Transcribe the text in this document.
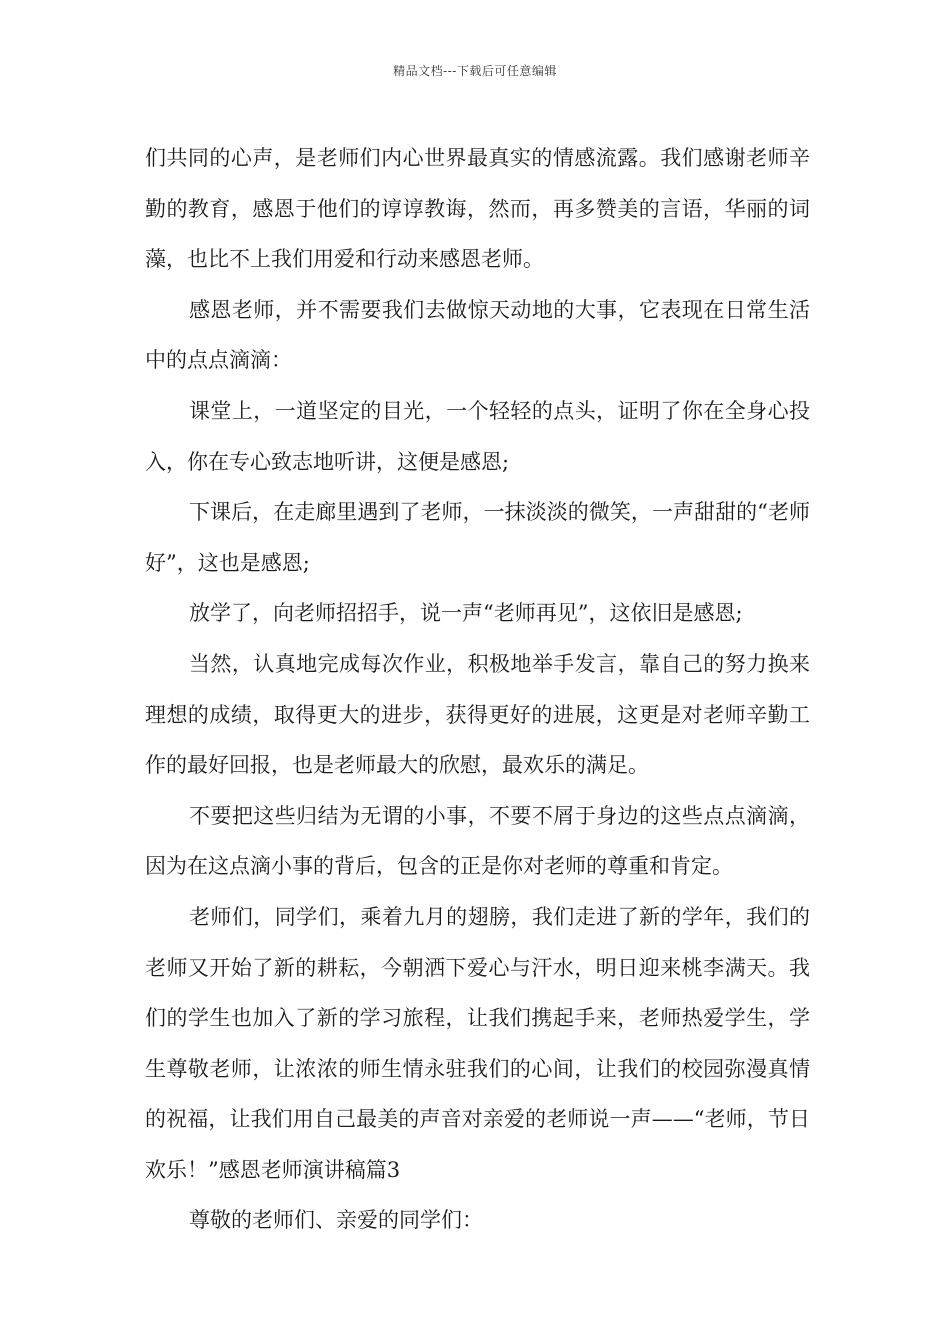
精品文档---下载后可任意编辑

们共同的心声，是老师们内心世界最真实的情感流露。我们感谢老师辛勤的教育，感恩于他们的谆谆教诲，然而，再多赞美的言语，华丽的词藻，也比不上我们用爱和行动来感恩老师。

感恩老师，并不需要我们去做惊天动地的大事，它表现在日常生活中的点点滴滴：

课堂上，一道坚定的目光，一个轻轻的点头，证明了你在全身心投入，你在专心致志地听讲，这便是感恩;

下课后，在走廊里遇到了老师，一抹淡淡的微笑，一声甜甜的“老师好”，这也是感恩;

放学了，向老师招招手，说一声“老师再见”，这依旧是感恩;

当然，认真地完成每次作业，积极地举手发言，靠自己的努力换来理想的成绩，取得更大的进步，获得更好的进展，这更是对老师辛勤工作的最好回报，也是老师最大的欣慰，最欢乐的满足。

不要把这些归结为无谓的小事，不要不屑于身边的这些点点滴滴，因为在这点滴小事的背后，包含的正是你对老师的尊重和肯定。

老师们，同学们，乘着九月的翅膀，我们走进了新的学年，我们的老师又开始了新的耕耘，今朝洒下爱心与汗水，明日迎来桃李满天。我们的学生也加入了新的学习旅程，让我们携起手来，老师热爱学生，学生尊敬老师，让浓浓的师生情永驻我们的心间，让我们的校园弥漫真情的祝福，让我们用自己最美的声音对亲爱的老师说一声——“老师，节日欢乐！”感恩老师演讲稿篇3

尊敬的老师们、亲爱的同学们：
